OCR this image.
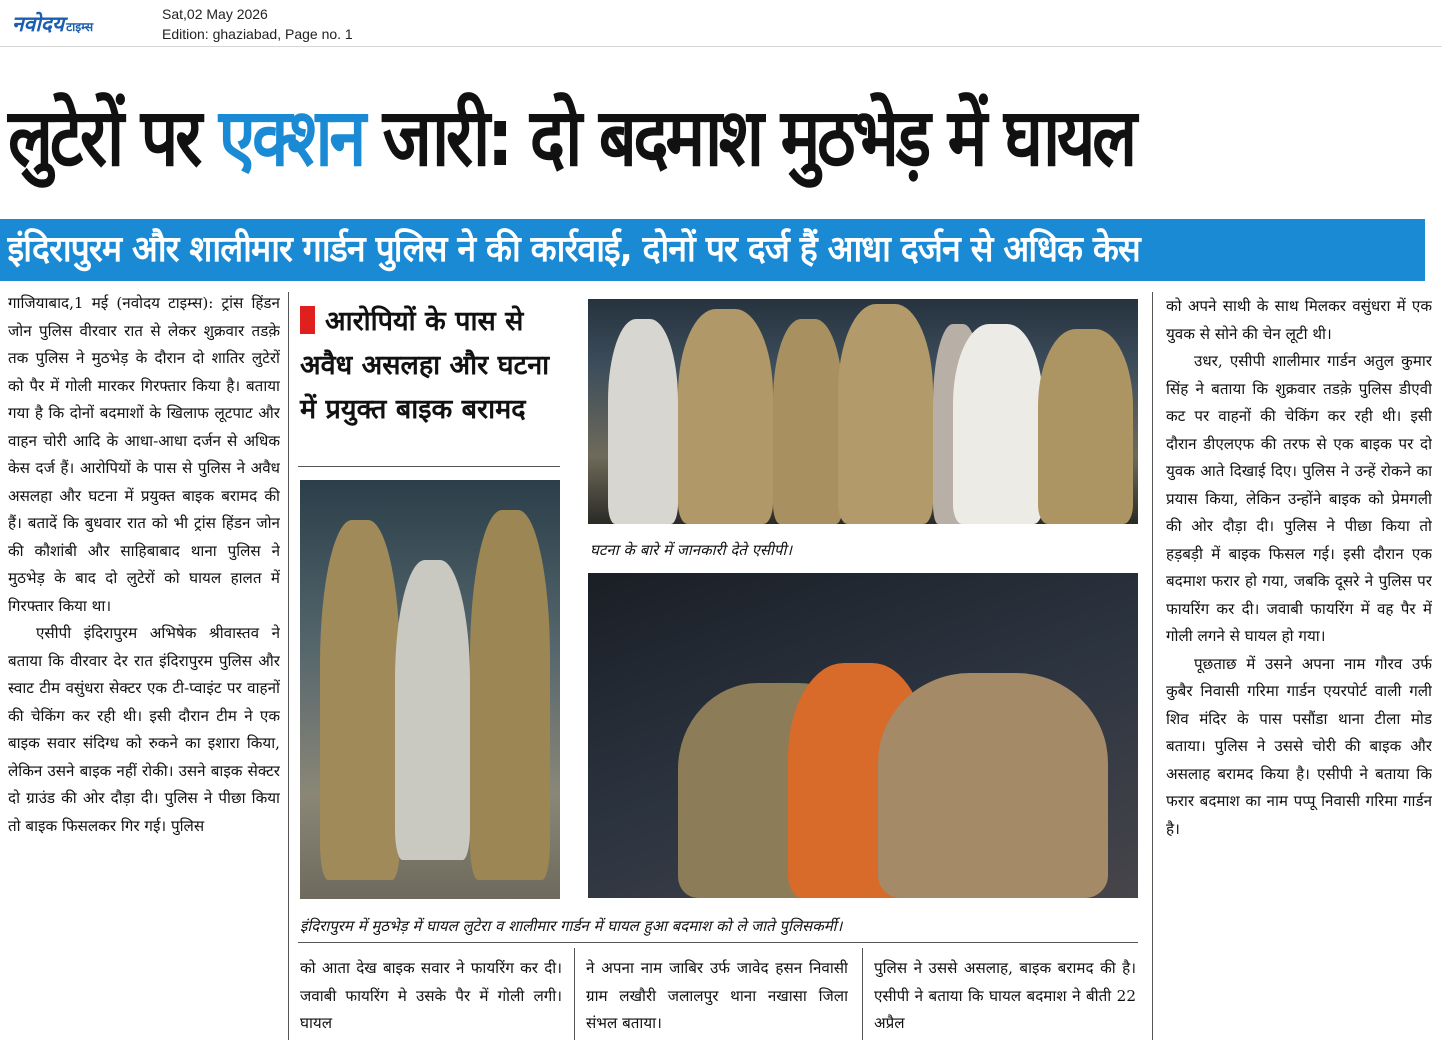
नवोदय टाइम्स
Sat,02 May 2026
Edition: ghaziabad, Page no. 1
लुटेरों पर एक्शन जारी: दो बदमाश मुठभेड़ में घायल
इंदिरापुरम और शालीमार गार्डन पुलिस ने की कार्रवाई, दोनों पर दर्ज हैं आधा दर्जन से अधिक केस

गाजियाबाद,1 मई (नवोदय टाइम्स): ट्रांस हिंडन जोन पुलिस वीरवार रात से लेकर शुक्रवार तडक़े तक पुलिस ने मुठभेड़ के दौरान दो शातिर लुटेरों को पैर में गोली मारकर गिरफ्तार किया है। बताया गया है कि दोनों बदमाशों के खिलाफ लूटपाट और वाहन चोरी आदि के आधा-आधा दर्जन से अधिक केस दर्ज हैं। आरोपियों के पास से पुलिस ने अवैध असलहा और घटना में प्रयुक्त बाइक बरामद की हैं। बतादें कि बुधवार रात को भी ट्रांस हिंडन जोन की कौशांबी और साहिबाबाद थाना पुलिस ने मुठभेड़ के बाद दो लुटेरों को घायल हालत में गिरफ्तार किया था।

एसीपी इंदिरापुरम अभिषेक श्रीवास्तव ने बताया कि वीरवार देर रात इंदिरापुरम पुलिस और स्वाट टीम वसुंधरा सेक्टर एक टी-प्वाइंट पर वाहनों की चेकिंग कर रही थी। इसी दौरान टीम ने एक बाइक सवार संदिग्ध को रुकने का इशारा किया, लेकिन उसने बाइक नहीं रोकी। उसने बाइक सेक्टर दो ग्राउंड की ओर दौड़ा दी। पुलिस ने पीछा किया तो बाइक फिसलकर गिर गई। पुलिस

आरोपियों के पास से अवैध असलहा और घटना में प्रयुक्त बाइक बरामद
घटना के बारे में जानकारी देते एसीपी।
इंदिरापुरम में मुठभेड़ में घायल लुटेरा व शालीमार गार्डन में घायल हुआ बदमाश को ले जाते पुलिसकर्मी।
को आता देख बाइक सवार ने फायरिंग कर दी। जवाबी फायरिंग मे उसके पैर में गोली लगी। घायल
ने अपना नाम जाबिर उर्फ जावेद हसन निवासी ग्राम लखौरी जलालपुर थाना नखासा जिला संभल बताया।
पुलिस ने उससे असलाह, बाइक बरामद की है। एसीपी ने बताया कि घायल बदमाश ने बीती 22 अप्रैल

को अपने साथी के साथ मिलकर वसुंधरा में एक युवक से सोने की चेन लूटी थी।

उधर, एसीपी शालीमार गार्डन अतुल कुमार सिंह ने बताया कि शुक्रवार तडक़े पुलिस डीएवी कट पर वाहनों की चेकिंग कर रही थी। इसी दौरान डीएलएफ की तरफ से एक बाइक पर दो युवक आते दिखाई दिए। पुलिस ने उन्हें रोकने का प्रयास किया, लेकिन उन्होंने बाइक को प्रेमगली की ओर दौड़ा दी। पुलिस ने पीछा किया तो हड़बड़ी में बाइक फिसल गई। इसी दौरान एक बदमाश फरार हो गया, जबकि दूसरे ने पुलिस पर फायरिंग कर दी। जवाबी फायरिंग में वह पैर में गोली लगने से घायल हो गया।

पूछताछ में उसने अपना नाम गौरव उर्फ कुबैर निवासी गरिमा गार्डन एयरपोर्ट वाली गली शिव मंदिर के पास पसौंडा थाना टीला मोड बताया। पुलिस ने उससे चोरी की बाइक और असलाह बरामद किया है। एसीपी ने बताया कि फरार बदमाश का नाम पप्पू निवासी गरिमा गार्डन है।
